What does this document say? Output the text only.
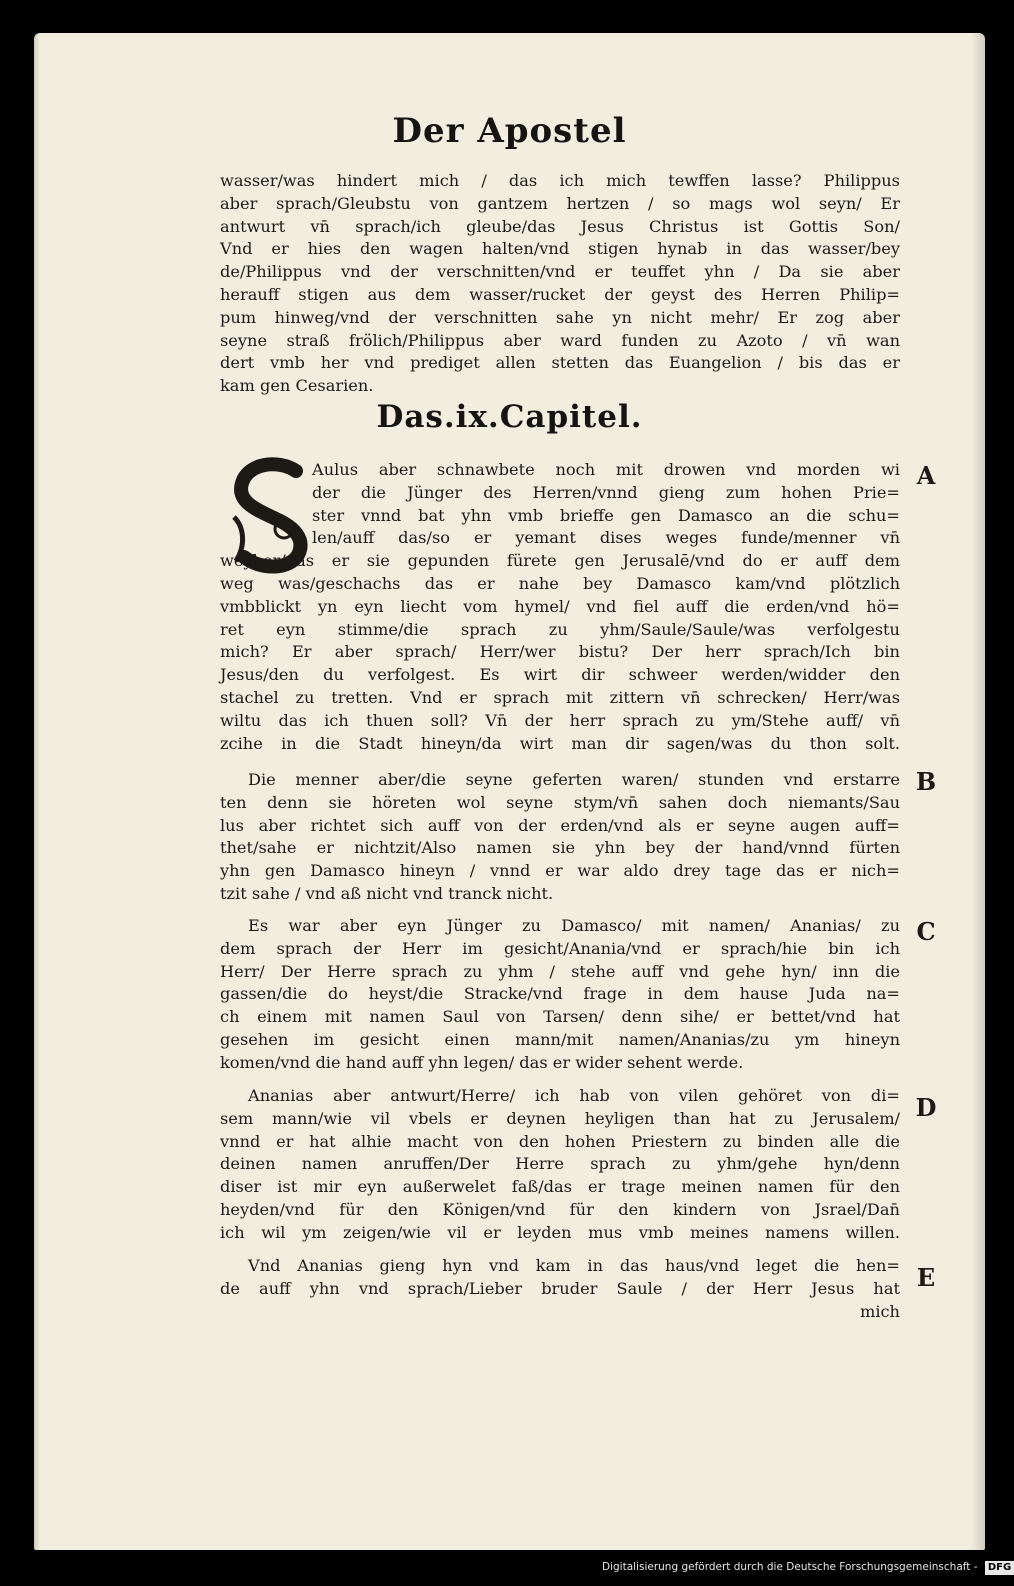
Der Apostel
wasser/was hindert mich / das ich mich tewffen lasse? Philippus
aber sprach/Gleubstu von gantzem hertzen / so mags wol seyn/ Er
antwurt vn̄ sprach/ich gleube/das Jesus Christus ist Gottis Son/
Vnd er hies den wagen halten/vnd stigen hynab in das wasser/bey
de/Philippus vnd der verschnitten/vnd er teuffet yhn / Da sie aber
herauff stigen aus dem wasser/rucket der geyst des Herren Philip=
pum hinweg/vnd der verschnitten sahe yn nicht mehr/ Er zog aber
seyne straß frölich/Philippus aber ward funden zu Azoto / vn̄ wan
dert vmb her vnd prediget allen stetten das Euangelion / bis das er
kam gen Cesarien.
Das.ix.Capitel.
Aulus aber schnawbete noch mit drowen vnd morden wi
der die Jünger des Herren/vnnd gieng zum hohen Prie=
ster vnnd bat yhn vmb brieffe gen Damasco an die schu=
len/auff das/so er yemant dises weges funde/menner vn̄
weyber/das er sie gepunden fürete gen Jerusalē/vnd do er auff dem
weg was/geschachs das er nahe bey Damasco kam/vnd plötzlich
vmbblickt yn eyn liecht vom hymel/ vnd fiel auff die erden/vnd hö=
ret eyn stimme/die sprach zu yhm/Saule/Saule/was verfolgestu
mich? Er aber sprach/ Herr/wer bistu? Der herr sprach/Ich bin
Jesus/den du verfolgest. Es wirt dir schweer werden/widder den
stachel zu tretten. Vnd er sprach mit zittern vn̄ schrecken/ Herr/was
wiltu das ich thuen soll? Vn̄ der herr sprach zu ym/Stehe auff/ vn̄
zcihe in die Stadt hineyn/da wirt man dir sagen/was du thon solt.
Die menner aber/die seyne geferten waren/ stunden vnd erstarre
ten denn sie höreten wol seyne stym/vn̄ sahen doch niemants/Sau
lus aber richtet sich auff von der erden/vnd als er seyne augen auff=
thet/sahe er nichtzit/Also namen sie yhn bey der hand/vnnd fürten
yhn gen Damasco hineyn / vnnd er war aldo drey tage das er nich=
tzit sahe / vnd aß nicht vnd tranck nicht.
Es war aber eyn Jünger zu Damasco/ mit namen/ Ananias/ zu
dem sprach der Herr im gesicht/Anania/vnd er sprach/hie bin ich
Herr/ Der Herre sprach zu yhm / stehe auff vnd gehe hyn/ inn die
gassen/die do heyst/die Stracke/vnd frage in dem hause Juda na=
ch einem mit namen Saul von Tarsen/ denn sihe/ er bettet/vnd hat
gesehen im gesicht einen mann/mit namen/Ananias/zu ym hineyn
komen/vnd die hand auff yhn legen/ das er wider sehent werde.
Ananias aber antwurt/Herre/ ich hab von vilen gehöret von di=
sem mann/wie vil vbels er deynen heyligen than hat zu Jerusalem/
vnnd er hat alhie macht von den hohen Priestern zu binden alle die
deinen namen anruffen/Der Herre sprach zu yhm/gehe hyn/denn
diser ist mir eyn außerwelet faß/das er trage meinen namen für den
heyden/vnd für den Königen/vnd für den kindern von Jsrael/Dan̄
ich wil ym zeigen/wie vil er leyden mus vmb meines namens willen.
Vnd Ananias gieng hyn vnd kam in das haus/vnd leget die hen=
de auff yhn vnd sprach/Lieber bruder Saule / der Herr Jesus hat
mich
A
B
C
D
E
Digitalisierung gefördert durch die Deutsche Forschungsgemeinschaft - DFG
